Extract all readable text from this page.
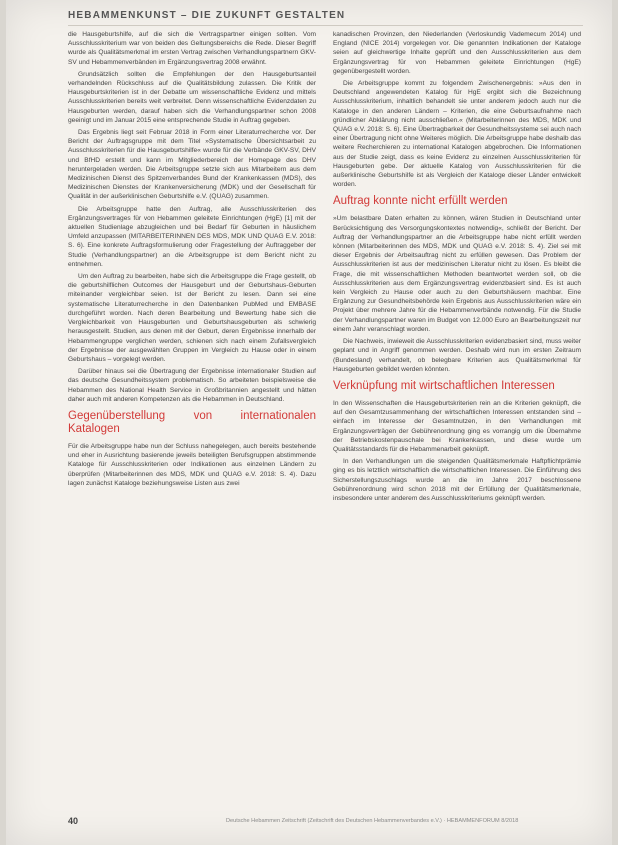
HEBAMMENKUNST – DIE ZUKUNFT GESTALTEN

die Hausgeburtshilfe, auf die sich die Vertragspartner einigen sollten. Vom Ausschlusskriterium war von beiden des Geltungsbereichs die Rede. Dieser Begriff wurde als Qualitätsmerkmal im ersten Vertrag zwischen Verhandlungspartnern GKV-SV und Hebammenverbänden im Ergänzungsvertrag 2008 erwähnt.

Grundsätzlich sollten die Empfehlungen der den Hausgeburtsanteil verhandelnden Rückschluss auf die Qualitätsbildung zulassen. Die Kritik der Hausgeburtskriterien ist in der Debatte um wissenschaftliche Evidenz und mittels Ausschlusskriterien bereits weit verbreitet. Denn wissenschaftliche Evidenzdaten zu Hausgeburten werden, darauf haben sich die Verhandlungspartner schon 2008 geeinigt und im Januar 2015 eine entsprechende Studie in Auftrag gegeben.

Das Ergebnis liegt seit Februar 2018 in Form einer Literaturrecherche vor. Der Bericht der Auftragsgruppe mit dem Titel »Systematische Übersichtsarbeit zu Ausschlusskriterien für die Hausgeburtshilfe« wurde für die Verbände GKV-SV, DHV und BfHD erstellt und kann im Mitgliederbereich der Homepage des DHV heruntergeladen werden. Die Arbeitsgruppe setzte sich aus Mitarbeitern aus dem Medizinischen Dienst des Spitzenverbandes Bund der Krankenkassen (MDS), des Medizinischen Dienstes der Krankenversicherung (MDK) und der Gesellschaft für Qualität in der außerklinischen Geburtshilfe e.V. (QUAG) zusammen.

Die Arbeitsgruppe hatte den Auftrag, alle Ausschlusskriterien des Ergänzungsvertrages für von Hebammen geleitete Einrichtungen (HgE) [1] mit der aktuellen Studienlage abzugleichen und bei Bedarf für Geburten in häuslichem Umfeld anzupassen (MITARBEITERINNEN DES MDS, MDK UND QUAG E.V. 2018: S. 6). Eine konkrete Auftragsformulierung oder Fragestellung der Auftraggeber der Studie (Verhandlungspartner) an die Arbeitsgruppe ist dem Bericht nicht zu entnehmen.

Um den Auftrag zu bearbeiten, habe sich die Arbeitsgruppe die Frage gestellt, ob die geburtshilflichen Outcomes der Hausgeburt und der Geburtshaus-Geburten miteinander vergleichbar seien. Ist der Bericht zu lesen. Dann sei eine systematische Literaturrecherche in den Datenbanken PubMed und EMBASE durchgeführt worden. Nach deren Bearbeitung und Bewertung habe sich die Vergleichbarkeit von Hausgeburten und Geburtshausgeburten als schwierig herausgestellt. Studien, aus denen mit der Geburt, deren Ergebnisse innerhalb der Hebammengruppe verglichen werden, schienen sich nach einem Zufallsvergleich der Ergebnisse der ausgewählten Gruppen im Vergleich zu Hause oder in einem Geburtshaus – vorgelegt werden.

Darüber hinaus sei die Übertragung der Ergebnisse internationaler Studien auf das deutsche Gesundheitssystem problematisch. So arbeiteten beispielsweise die Hebammen des National Health Service in Großbritannien angestellt und hätten daher auch mit anderen Kompetenzen als die Hebammen in Deutschland.

Gegenüberstellung von internationalen Katalogen

Für die Arbeitsgruppe habe nun der Schluss nahegelegen, auch bereits bestehende und eher in Ausrichtung basierende jeweils beteiligten Berufsgruppen abstimmende Kataloge für Ausschlusskriterien oder Indikationen aus einzelnen Ländern zu überprüfen (Mitarbeiterinnen des MDS, MDK und QUAG e.V. 2018: S. 4). Dazu lagen zunächst Kataloge beziehungsweise Listen aus zwei

kanadischen Provinzen, den Niederlanden (Verloskundig Vademecum 2014) und England (NICE 2014) vorgelegen vor. Die genannten Indikationen der Kataloge seien auf gleichwertige Inhalte geprüft und den Ausschlusskriterien aus dem Ergänzungsvertrag für von Hebammen geleitete Einrichtungen (HgE) gegenübergestellt worden.

Die Arbeitsgruppe kommt zu folgendem Zwischenergebnis: »Aus den in Deutschland angewendeten Katalog für HgE ergibt sich die Bezeichnung Ausschlusskriterium, inhaltlich behandelt sie unter anderem jedoch auch nur die Kataloge in den anderen Ländern – Kriterien, die eine Geburtsaufnahme nach gründlicher Abklärung nicht ausschließen.« (Mitarbeiterinnen des MDS, MDK und QUAG e.V. 2018: S. 6). Eine Übertragbarkeit der Gesundheitssysteme sei auch nach einer Übertragung nicht ohne Weiteres möglich. Die Arbeitsgruppe habe deshalb das weitere Recherchieren zu international Katalogen abgebrochen. Die Informationen aus der Studie zeigt, dass es keine Evidenz zu einzelnen Ausschlusskriterien für Hausgeburten gebe. Der aktuelle Katalog von Ausschlusskriterien für die außerklinische Geburtshilfe ist als Vergleich der Kataloge dieser Länder entwickelt worden.

Auftrag konnte nicht erfüllt werden

»Um belastbare Daten erhalten zu können, wären Studien in Deutschland unter Berücksichtigung des Versorgungskontextes notwendig«, schließt der Bericht. Der Auftrag der Verhandlungspartner an die Arbeitsgruppe habe nicht erfüllt werden können (Mitarbeiterinnen des MDS, MDK und QUAG e.V. 2018: S. 4). Ziel sei mit dieser Ergebnis der Arbeitsauftrag nicht zu erfüllen gewesen. Das Problem der Ausschlusskriterien ist aus der medizinischen Literatur nicht zu lösen. Es bleibt die Frage, die mit wissenschaftlichen Methoden beantwortet werden soll, ob die Ausschlusskriterien aus dem Ergänzungsvertrag evidenzbasiert sind. Es ist auch kein Vergleich zu Hause oder auch zu den Geburtshäusern machbar. Eine Ergänzung zur Gesundheitsbehörde kein Ergebnis aus Ausschlusskriterien wäre ein Projekt über mehrere Jahre für die Hebammenverbände notwendig. Für die Studie der Verhandlungspartner waren im Budget von 12.000 Euro an Bearbeitungszeit nur einem Jahr veranschlagt worden.

Die Nachweis, inwieweit die Ausschlusskriterien evidenzbasiert sind, muss weiter geplant und in Angriff genommen werden. Deshalb wird nun im ersten Zeitraum (Bundesland) verhandelt, ob belegbare Kriterien aus Qualitätsmerkmal für Hausgeburten gebildet werden könnten.

Verknüpfung mit wirtschaftlichen Interessen

In den Wissenschaften die Hausgeburtskriterien rein an die Kriterien geknüpft, die auf den Gesamtzusammenhang der wirtschaftlichen Interessen entstanden sind – einfach im Interesse der Gesamtnutzen, in den Verhandlungen mit Ergänzungsverträgen der Gebührenordnung ging es vorrangig um die Übernahme der Betriebskostenpauschale bei Krankenkassen, und diese wurde um Qualitätsstandards für die Hebammenarbeit geknüpft.

In den Verhandlungen um die steigenden Qualitätsmerkmale Haftpflichtprämie ging es bis letztlich wirtschaftlich die wirtschaftlichen Interessen. Die Einführung des Sicherstellungszuschlags wurde an die im Jahre 2017 beschlossene Gebührenordnung wird schon 2018 mit der Erfüllung der Qualitätsmerkmale, insbesondere unter anderem des Ausschlusskriteriums geknüpft werden.

40	Deutsche Hebammen Zeitschrift (Zeitschrift des Deutschen Hebammenverbandes e.V.) · HEBAMMENFORUM 8/2018
